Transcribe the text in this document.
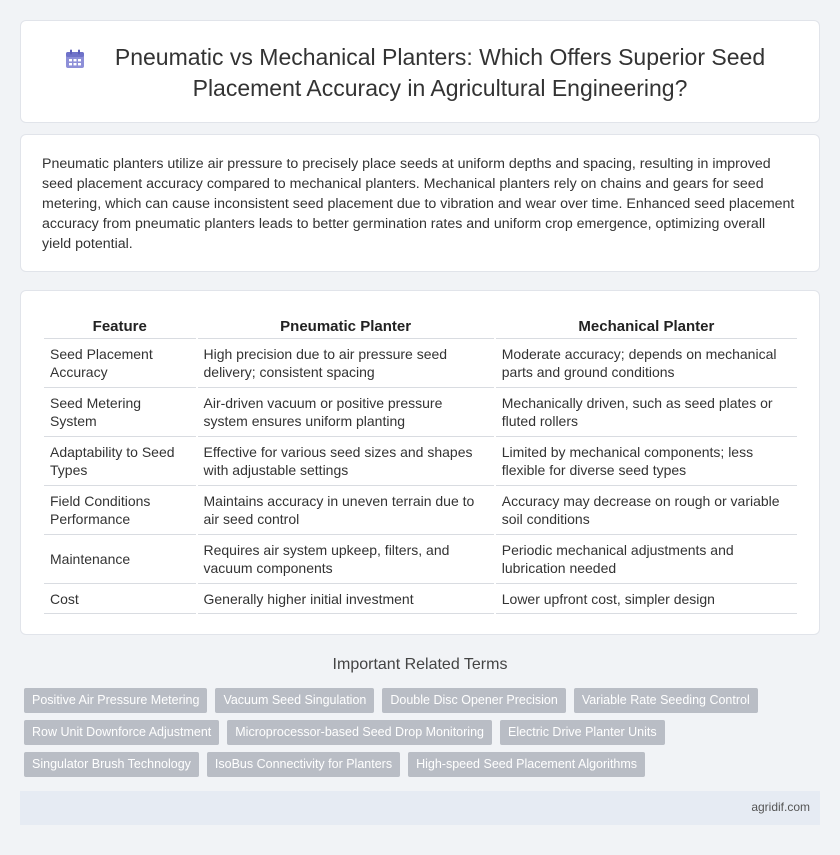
Pneumatic vs Mechanical Planters: Which Offers Superior Seed Placement Accuracy in Agricultural Engineering?

Pneumatic planters utilize air pressure to precisely place seeds at uniform depths and spacing, resulting in improved seed placement accuracy compared to mechanical planters. Mechanical planters rely on chains and gears for seed metering, which can cause inconsistent seed placement due to vibration and wear over time. Enhanced seed placement accuracy from pneumatic planters leads to better germination rates and uniform crop emergence, optimizing overall yield potential.

Feature	Pneumatic Planter	Mechanical Planter
Seed Placement Accuracy	High precision due to air pressure seed delivery; consistent spacing	Moderate accuracy; depends on mechanical parts and ground conditions
Seed Metering System	Air-driven vacuum or positive pressure system ensures uniform planting	Mechanically driven, such as seed plates or fluted rollers
Adaptability to Seed Types	Effective for various seed sizes and shapes with adjustable settings	Limited by mechanical components; less flexible for diverse seed types
Field Conditions Performance	Maintains accuracy in uneven terrain due to air seed control	Accuracy may decrease on rough or variable soil conditions
Maintenance	Requires air system upkeep, filters, and vacuum components	Periodic mechanical adjustments and lubrication needed
Cost	Generally higher initial investment	Lower upfront cost, simpler design
Important Related Terms
Positive Air Pressure Metering	Vacuum Seed Singulation	Double Disc Opener Precision	Variable Rate Seeding Control
Row Unit Downforce Adjustment	Microprocessor-based Seed Drop Monitoring	Electric Drive Planter Units
Singulator Brush Technology	IsoBus Connectivity for Planters	High-speed Seed Placement Algorithms
agridif.com
